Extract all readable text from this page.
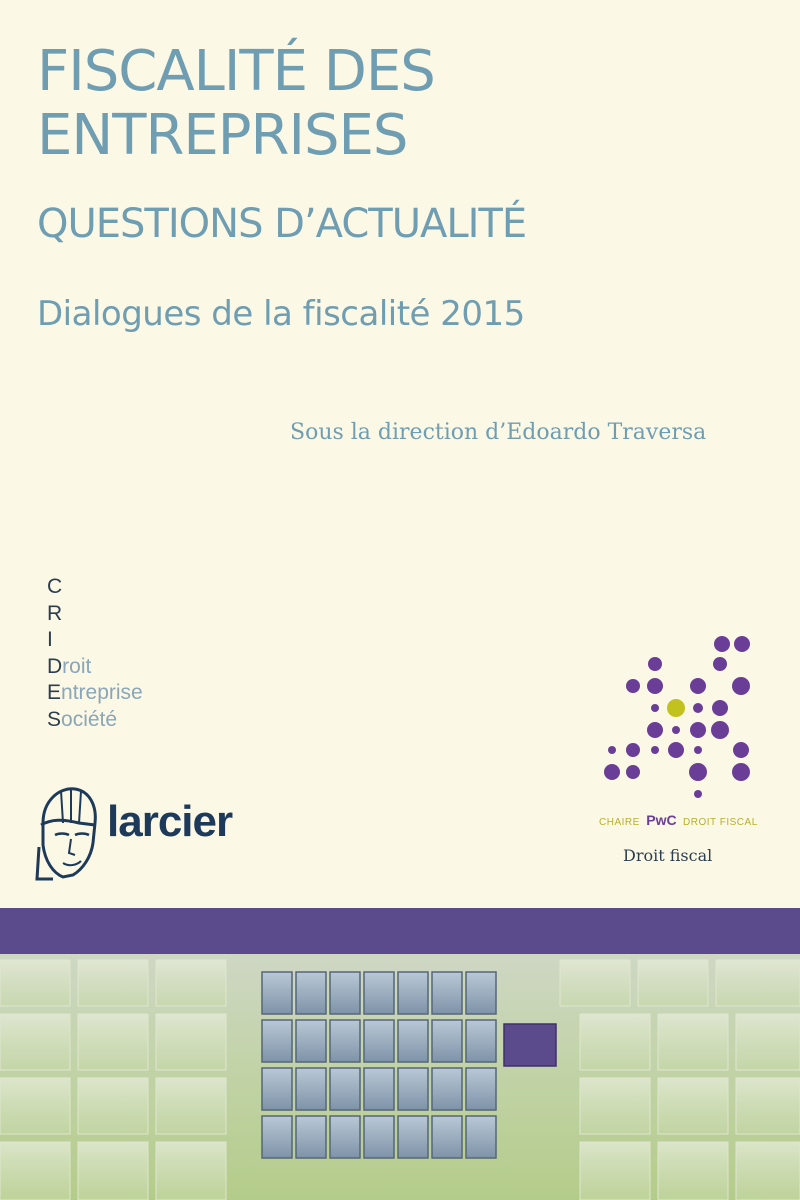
FISCALITÉ DES
ENTREPRISES
QUESTIONS D’ACTUALITÉ
Dialogues de la fiscalité 2015
Sous la direction d’Edoardo Traversa
C
R
I
Droit
Entreprise
Société
larcier	CHAIRE PwC DROIT FISCAL
Droit fiscal
